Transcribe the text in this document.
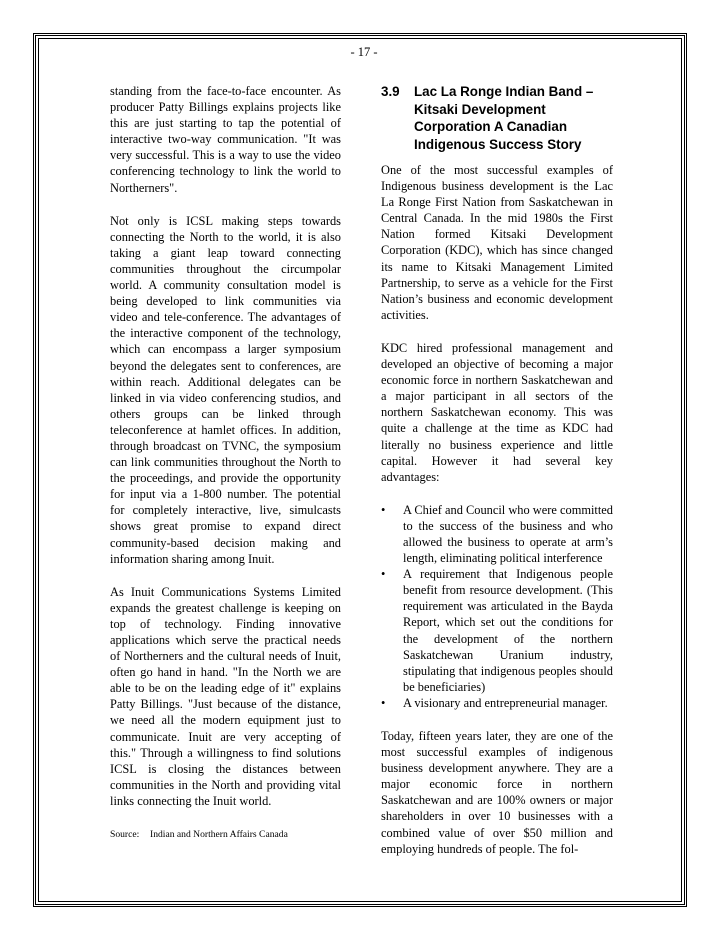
- 17 -

standing from the face-to-face encounter. As producer Patty Billings explains projects like this are just starting to tap the potential of interactive two-way communication. "It was very successful. This is a way to use the video conferencing technology to link the world to Northerners".

Not only is ICSL making steps towards connecting the North to the world, it is also taking a giant leap toward connecting communities throughout the circumpolar world. A community consultation model is being developed to link communities via video and tele-conference. The advantages of the interactive component of the technology, which can encompass a larger symposium beyond the delegates sent to conferences, are within reach. Additional delegates can be linked in via video conferencing studios, and others groups can be linked through teleconference at hamlet offices. In addition, through broadcast on TVNC, the symposium can link communities throughout the North to the proceedings, and provide the opportunity for input via a 1-800 number. The potential for completely interactive, live, simulcasts shows great promise to expand direct community-based decision making and information sharing among Inuit.

As Inuit Communications Systems Limited expands the greatest challenge is keeping on top of technology. Finding innovative applications which serve the practical needs of Northerners and the cultural needs of Inuit, often go hand in hand. "In the North we are able to be on the leading edge of it" explains Patty Billings. "Just because of the distance, we need all the modern equipment just to communicate. Inuit are very accepting of this." Through a willingness to find solutions ICSL is closing the distances between communities in the North and providing vital links connecting the Inuit world.

Source: Indian and Northern Affairs Canada
3.9	Lac La Ronge Indian Band – Kitsaki Development Corporation A Canadian Indigenous Success Story

One of the most successful examples of Indigenous business development is the Lac La Ronge First Nation from Saskatchewan in Central Canada. In the mid 1980s the First Nation formed Kitsaki Development Corporation (KDC), which has since changed its name to Kitsaki Management Limited Partnership, to serve as a vehicle for the First Nation’s business and economic development activities.

KDC hired professional management and developed an objective of becoming a major economic force in northern Saskatchewan and a major participant in all sectors of the northern Saskatchewan economy. This was quite a challenge at the time as KDC had literally no business experience and little capital. However it had several key advantages:

•	A Chief and Council who were committed to the success of the business and who allowed the business to operate at arm’s length, eliminating political interference
•	A requirement that Indigenous people benefit from resource development. (This requirement was articulated in the Bayda Report, which set out the conditions for the development of the northern Saskatchewan Uranium industry, stipulating that indigenous peoples should be beneficiaries)
•	A visionary and entrepreneurial manager.

Today, fifteen years later, they are one of the most successful examples of indigenous business development anywhere. They are a major economic force in northern Saskatchewan and are 100% owners or major shareholders in over 10 businesses with a combined value of over $50 million and employing hundreds of people. The fol-
